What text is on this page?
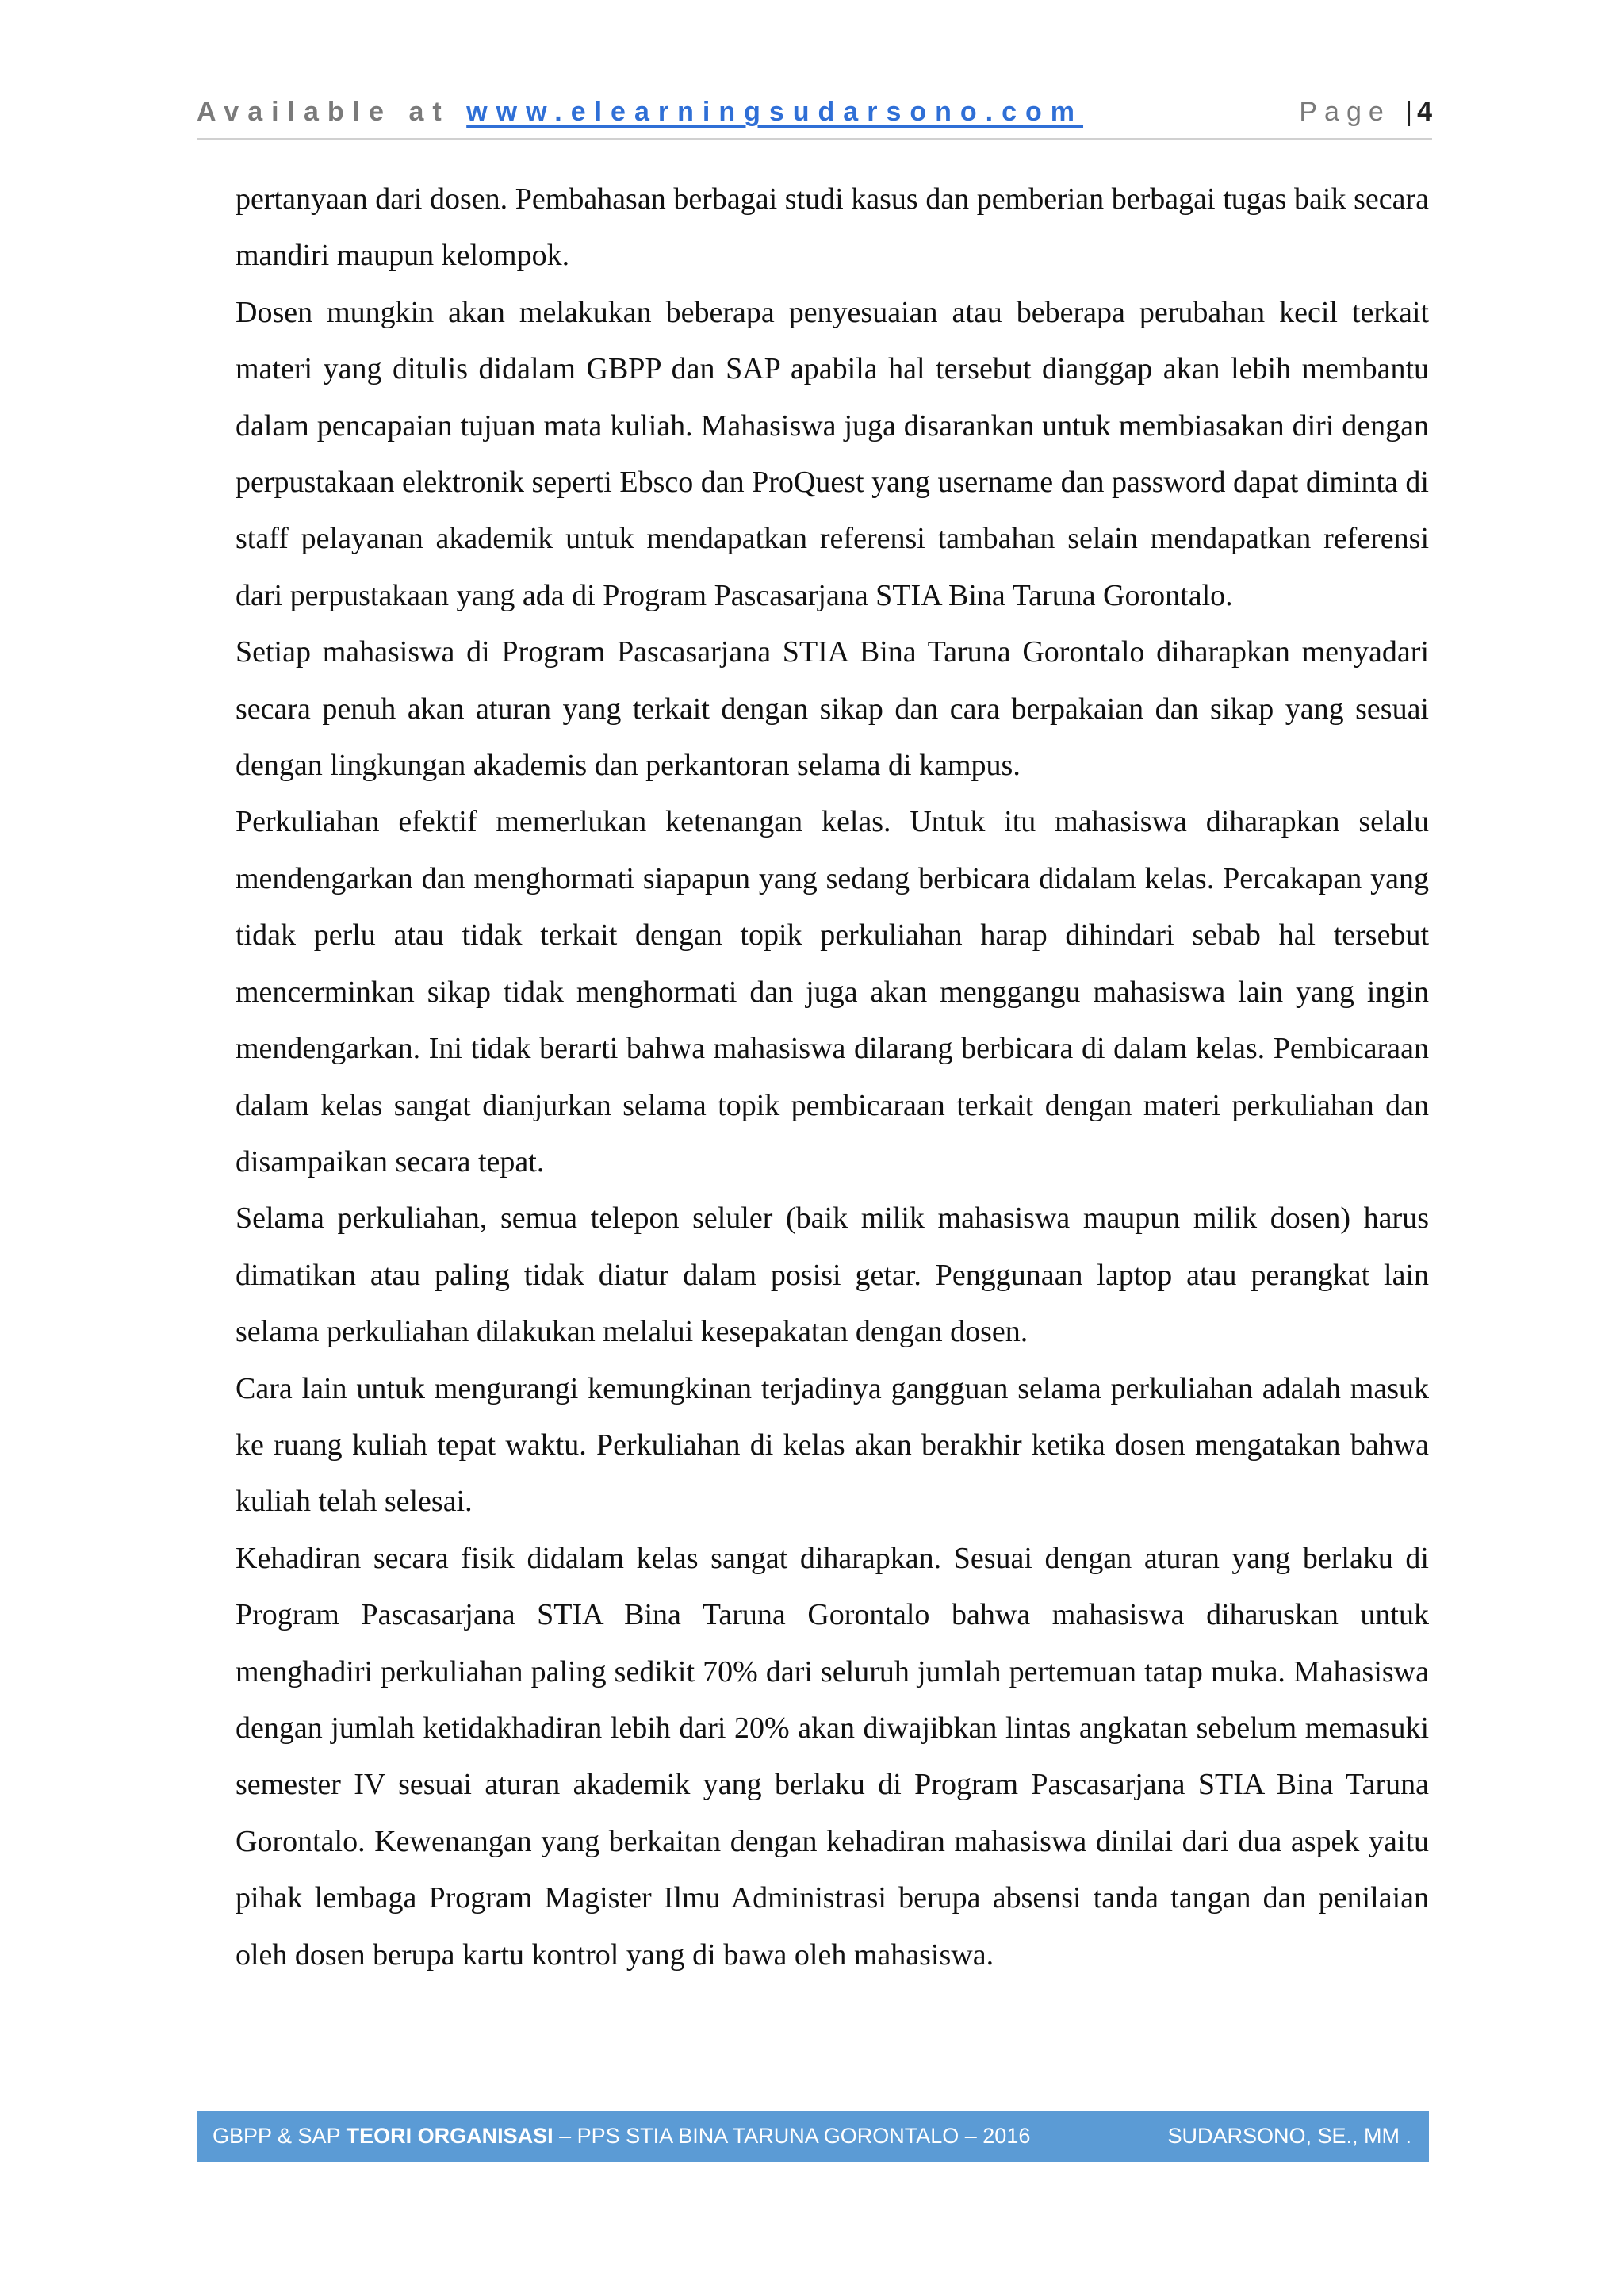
Available at www.elearningsudarsono.com	Page |4

pertanyaan dari dosen. Pembahasan berbagai studi kasus dan pemberian berbagai tugas baik secara mandiri maupun kelompok.

Dosen mungkin akan melakukan beberapa penyesuaian atau beberapa perubahan kecil terkait materi yang ditulis didalam GBPP dan SAP apabila hal tersebut dianggap akan lebih membantu dalam pencapaian tujuan mata kuliah. Mahasiswa juga disarankan untuk membiasakan diri dengan perpustakaan elektronik seperti Ebsco dan ProQuest yang username dan password dapat diminta di staff pelayanan akademik untuk mendapatkan referensi tambahan selain mendapatkan referensi dari perpustakaan yang ada di Program Pascasarjana STIA Bina Taruna Gorontalo.

Setiap mahasiswa di Program Pascasarjana STIA Bina Taruna Gorontalo diharapkan menyadari secara penuh akan aturan yang terkait dengan sikap dan cara berpakaian dan sikap yang sesuai dengan lingkungan akademis dan perkantoran selama di kampus.

Perkuliahan efektif memerlukan ketenangan kelas. Untuk itu mahasiswa diharapkan selalu mendengarkan dan menghormati siapapun yang sedang berbicara didalam kelas. Percakapan yang tidak perlu atau tidak terkait dengan topik perkuliahan harap dihindari sebab hal tersebut mencerminkan sikap tidak menghormati dan juga akan menggangu mahasiswa lain yang ingin mendengarkan. Ini tidak berarti bahwa mahasiswa dilarang berbicara di dalam kelas. Pembicaraan dalam kelas sangat dianjurkan selama topik pembicaraan terkait dengan materi perkuliahan dan disampaikan secara tepat.

Selama perkuliahan, semua telepon seluler (baik milik mahasiswa maupun milik dosen) harus dimatikan atau paling tidak diatur dalam posisi getar. Penggunaan laptop atau perangkat lain selama perkuliahan dilakukan melalui kesepakatan dengan dosen.

Cara lain untuk mengurangi kemungkinan terjadinya gangguan selama perkuliahan adalah masuk ke ruang kuliah tepat waktu. Perkuliahan di kelas akan berakhir ketika dosen mengatakan bahwa kuliah telah selesai.

Kehadiran secara fisik didalam kelas sangat diharapkan. Sesuai dengan aturan yang berlaku di Program Pascasarjana STIA Bina Taruna Gorontalo bahwa mahasiswa diharuskan untuk menghadiri perkuliahan paling sedikit 70% dari seluruh jumlah pertemuan tatap muka. Mahasiswa dengan jumlah ketidakhadiran lebih dari 20% akan diwajibkan lintas angkatan sebelum memasuki semester IV sesuai aturan akademik yang berlaku di Program Pascasarjana STIA Bina Taruna Gorontalo. Kewenangan yang berkaitan dengan kehadiran mahasiswa dinilai dari dua aspek yaitu pihak lembaga Program Magister Ilmu Administrasi berupa absensi tanda tangan dan penilaian oleh dosen berupa kartu kontrol yang di bawa oleh mahasiswa.

GBPP & SAP TEORI ORGANISASI – PPS STIA BINA TARUNA GORONTALO – 2016	SUDARSONO, SE., MM .
